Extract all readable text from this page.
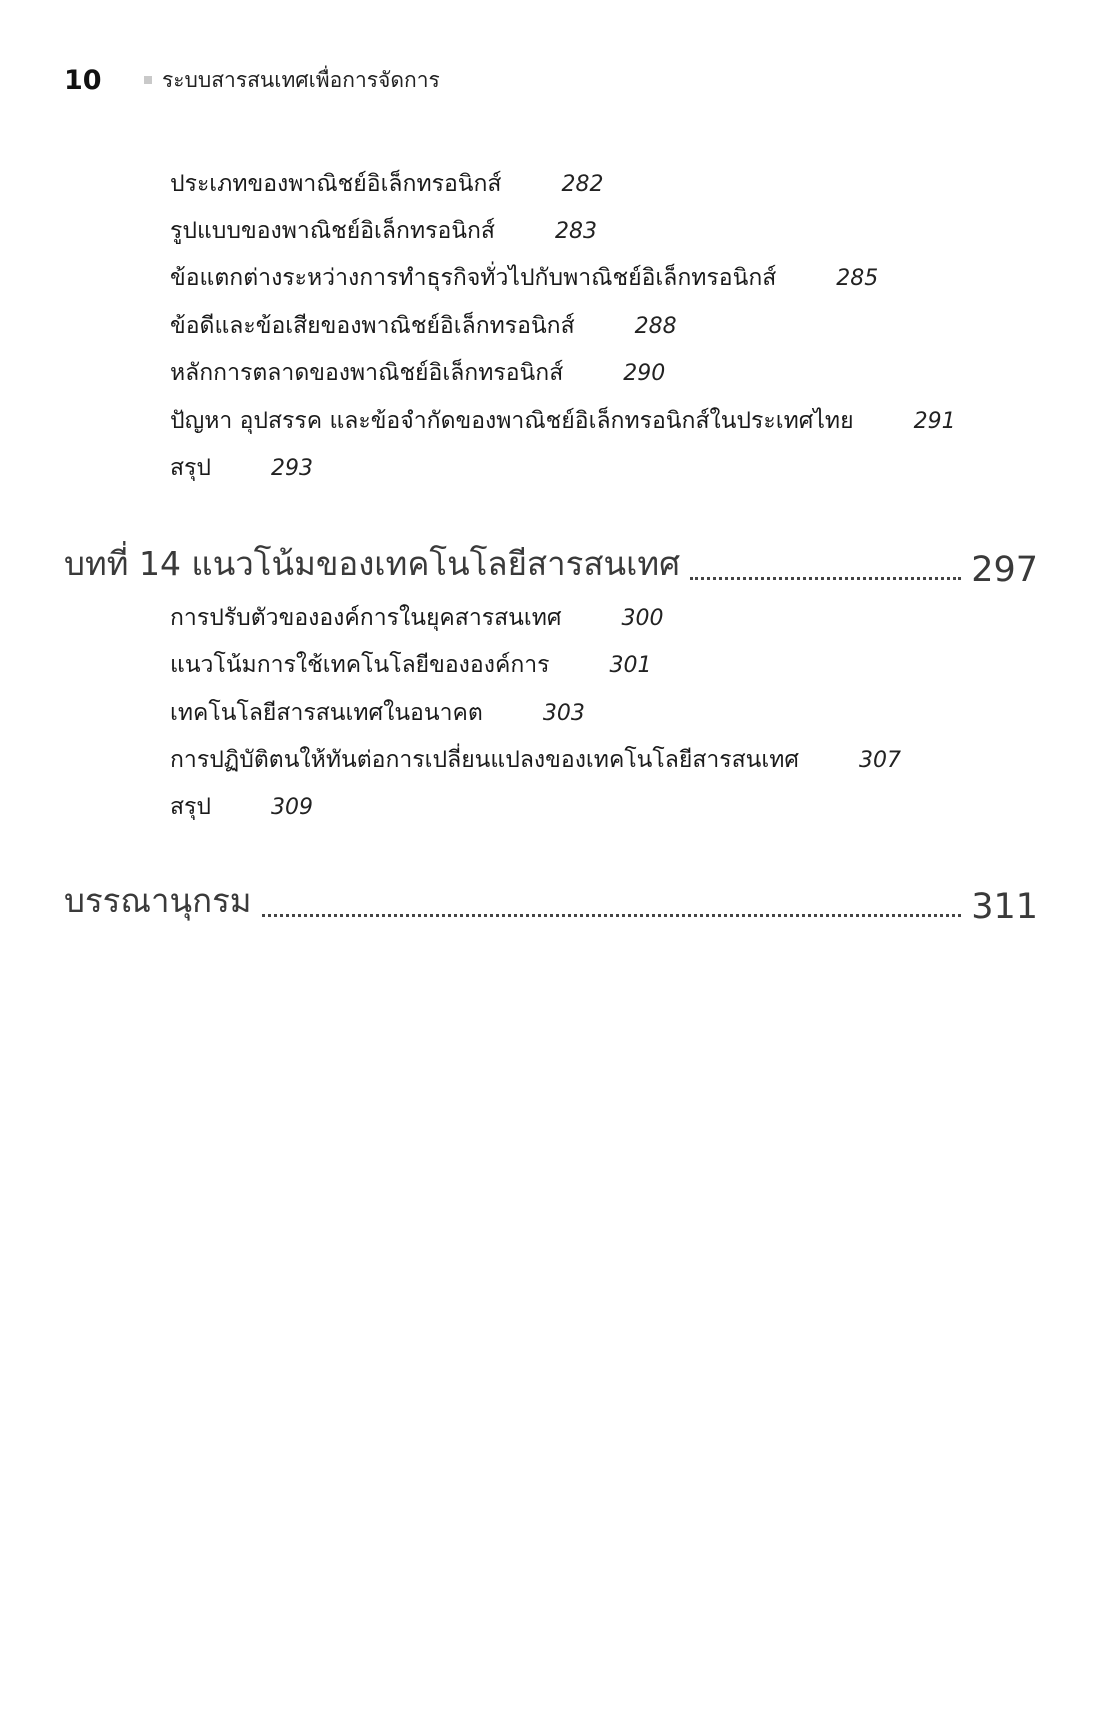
10	ระบบสารสนเทศเพื่อการจัดการ
ประเภทของพาณิชย์อิเล็กทรอนิกส์	282
รูปแบบของพาณิชย์อิเล็กทรอนิกส์	283
ข้อแตกต่างระหว่างการทำธุรกิจทั่วไปกับพาณิชย์อิเล็กทรอนิกส์	285
ข้อดีและข้อเสียของพาณิชย์อิเล็กทรอนิกส์	288
หลักการตลาดของพาณิชย์อิเล็กทรอนิกส์	290
ปัญหา อุปสรรค และข้อจำกัดของพาณิชย์อิเล็กทรอนิกส์ในประเทศไทย	291
สรุป	293
บทที่ 14 แนวโน้มของเทคโนโลยีสารสนเทศ	297
การปรับตัวขององค์การในยุคสารสนเทศ	300
แนวโน้มการใช้เทคโนโลยีขององค์การ	301
เทคโนโลยีสารสนเทศในอนาคต	303
การปฏิบัติตนให้ทันต่อการเปลี่ยนแปลงของเทคโนโลยีสารสนเทศ	307
สรุป	309
บรรณานุกรม	311
